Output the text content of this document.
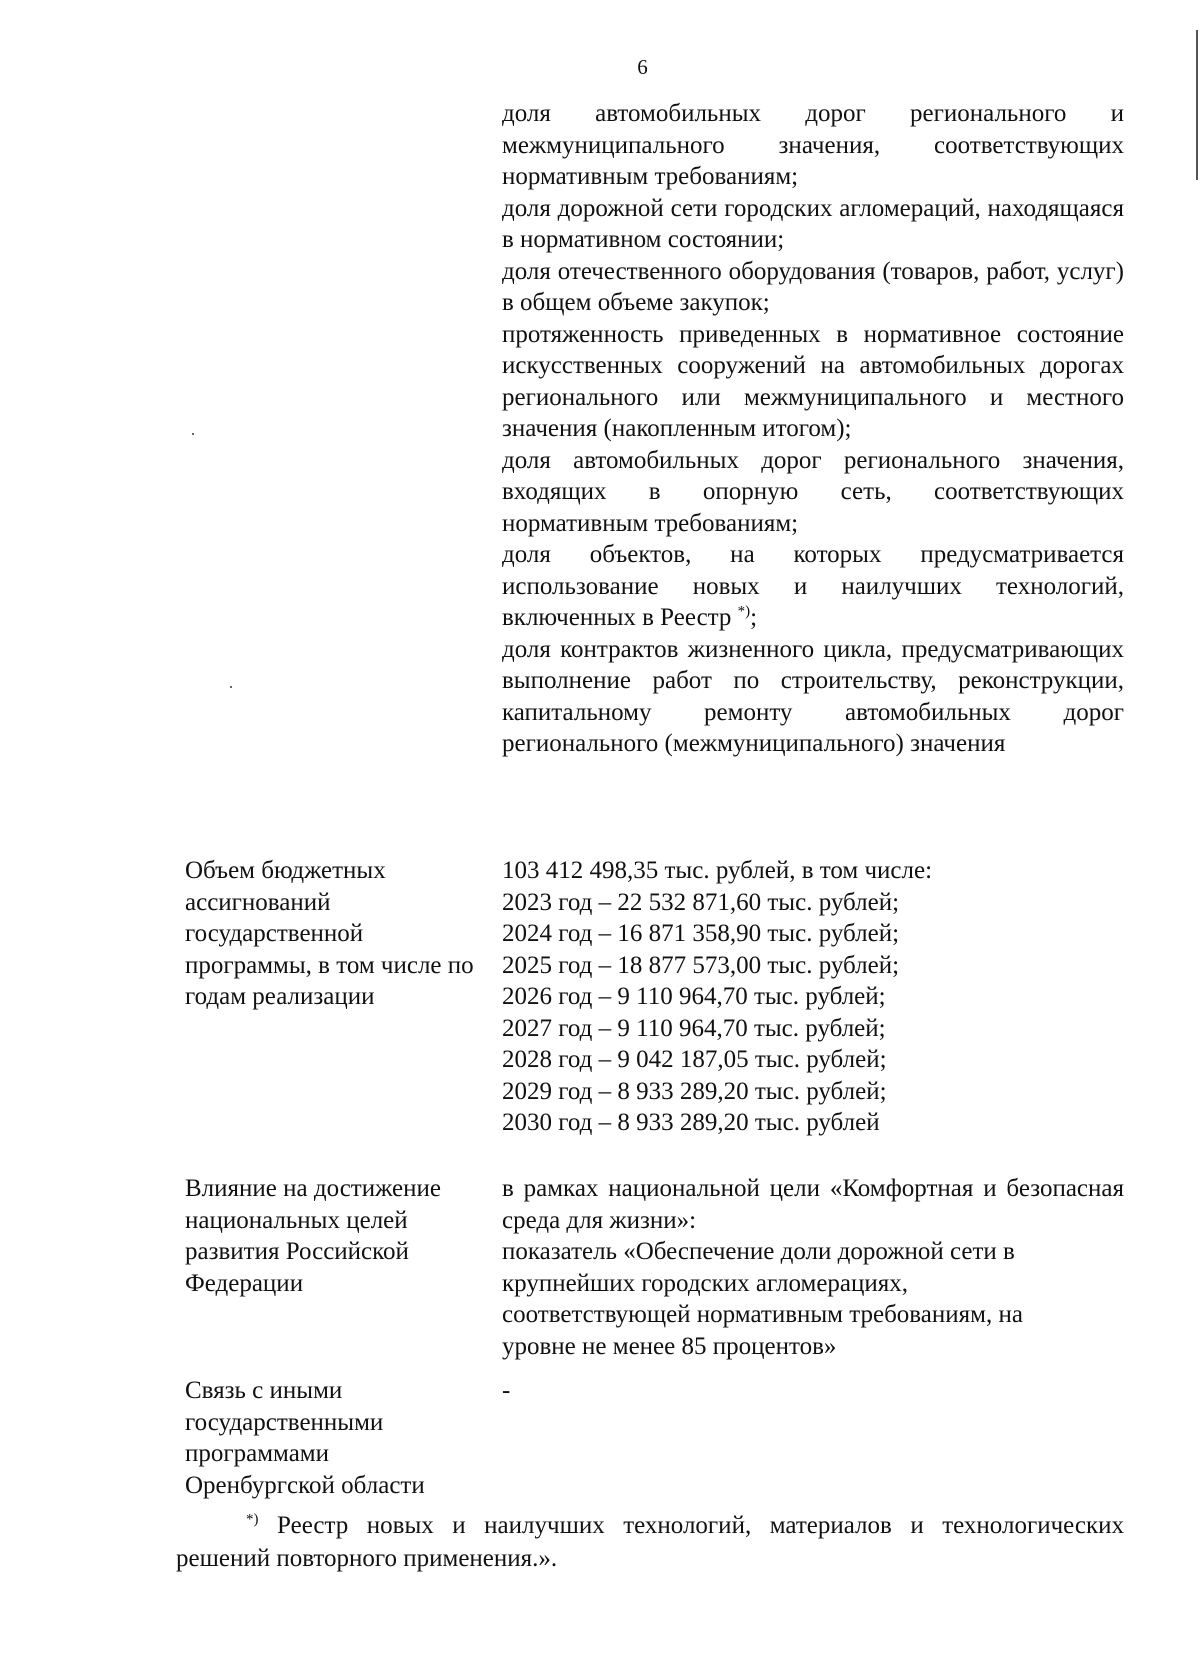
6

доля автомобильных дорог регионального и межмуниципального значения, соответствующих нормативным требованиям;

доля дорожной сети городских агломераций, находящаяся в нормативном состоянии;

доля отечественного оборудования (товаров, работ, услуг) в общем объеме закупок;

протяженность приведенных в нормативное состояние искусственных сооружений на автомобильных дорогах регионального или межмуниципального и местного значения (накопленным итогом);

доля автомобильных дорог регионального значения, входящих в опорную сеть, соответствующих нормативным требованиям;

доля объектов, на которых предусматривается использование новых и наилучших технологий, включенных в Реестр *);

доля контрактов жизненного цикла, предусматривающих выполнение работ по строительству, реконструкции, капитальному ремонту автомобильных дорог регионального (межмуниципального) значения

Объем бюджетных ассигнований государственной программы, в том числе по годам реализации

103 412 498,35 тыс. рублей, в том числе:

2023 год – 22 532 871,60 тыс. рублей;

2024 год – 16 871 358,90 тыс. рублей;

2025 год – 18 877 573,00 тыс. рублей;

2026 год – 9 110 964,70 тыс. рублей;

2027 год – 9 110 964,70 тыс. рублей;

2028 год – 9 042 187,05 тыс. рублей;

2029 год – 8 933 289,20 тыс. рублей;

2030 год – 8 933 289,20 тыс. рублей

Влияние на достижение национальных целей развития Российской Федерации

в рамках национальной цели «Комфортная и безопасная среда для жизни»:

показатель «Обеспечение доли дорожной сети в крупнейших городских агломерациях, соответствующей нормативным требованиям, на уровне не менее 85 процентов»

Связь с иными государственными программами Оренбургской области

-

*) Реестр новых и наилучших технологий, материалов и технологических решений повторного применения.».
